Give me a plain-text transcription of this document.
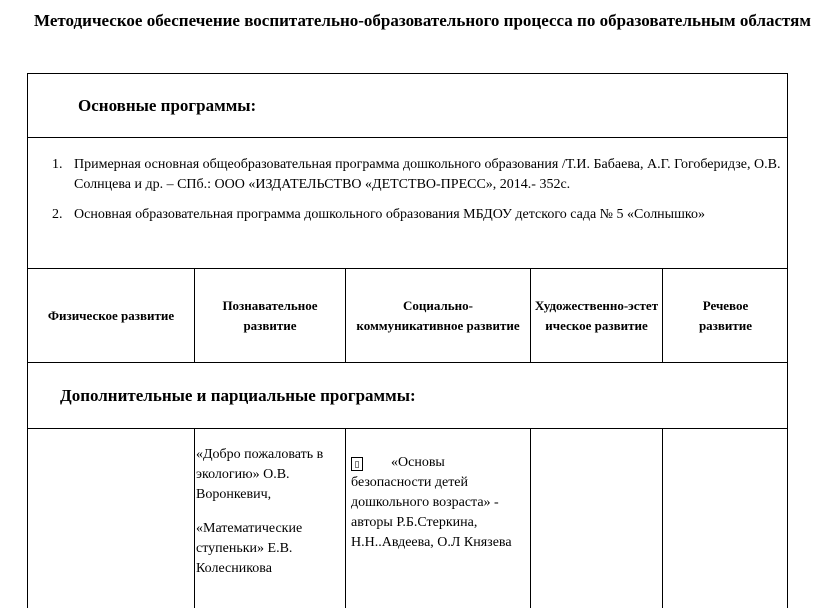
Методическое обеспечение воспитательно-образовательного процесса по образовательным областям
Основные программы:
1. Примерная основная общеобразовательная программа дошкольного образования /Т.И. Бабаева, А.Г. Гогоберидзе, О.В. Солнцева и др. – СПб.: ООО «ИЗДАТЕЛЬСТВО «ДЕТСТВО-ПРЕСС», 2014.- 352с.
2. Основная образовательная программа дошкольного образования МБДОУ детского сада № 5 «Солнышко»
Физическое развитие
Познавательное развитие
Социально-коммуникативное развитие
Художественно-эстетическое развитие
Речевое развитие
Дополнительные и парциальные программы:
«Добро пожаловать в экологию» О.В. Воронкевич,
«Математические ступеньки» Е.В. Колесникова
▯ «Основы безопасности детей дошкольного возраста» - авторы Р.Б.Стеркина, Н.Н..Авдеева, О.Л Князева
